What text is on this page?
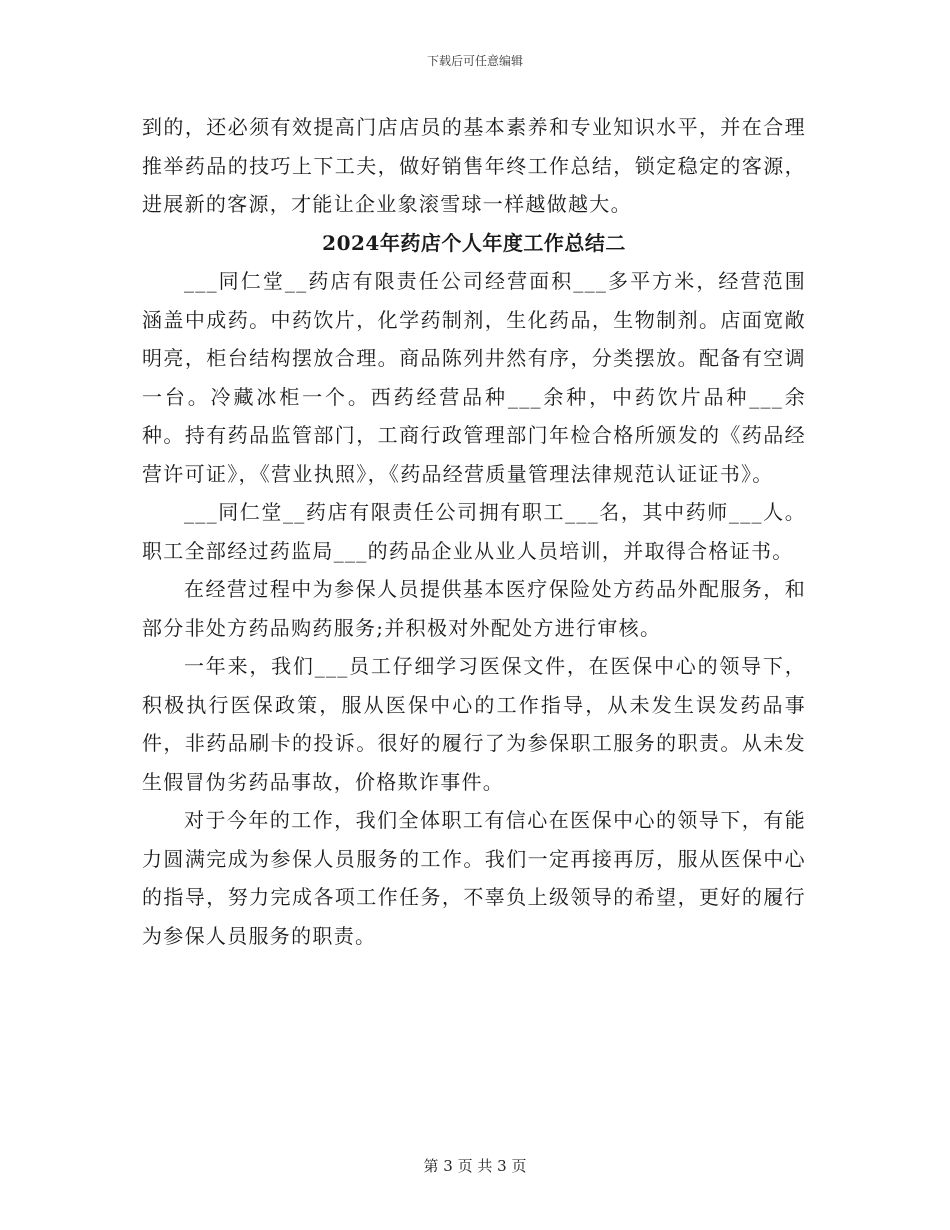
下载后可任意编辑

到的，还必须有效提高门店店员的基本素养和专业知识水平，并在合理推举药品的技巧上下工夫，做好销售年终工作总结，锁定稳定的客源，进展新的客源，才能让企业象滚雪球一样越做越大。

2024年药店个人年度工作总结二

___同仁堂__药店有限责任公司经营面积___多平方米，经营范围涵盖中成药。中药饮片，化学药制剂，生化药品，生物制剂。店面宽敞明亮，柜台结构摆放合理。商品陈列井然有序，分类摆放。配备有空调一台。冷藏冰柜一个。西药经营品种___余种，中药饮片品种___余种。持有药品监管部门，工商行政管理部门年检合格所颁发的《药品经营许可证》，《营业执照》，《药品经营质量管理法律规范认证证书》。

___同仁堂__药店有限责任公司拥有职工___名，其中药师___人。职工全部经过药监局___的药品企业从业人员培训，并取得合格证书。

在经营过程中为参保人员提供基本医疗保险处方药品外配服务，和部分非处方药品购药服务;并积极对外配处方进行审核。

一年来，我们___员工仔细学习医保文件，在医保中心的领导下，积极执行医保政策，服从医保中心的工作指导，从未发生误发药品事件，非药品刷卡的投诉。很好的履行了为参保职工服务的职责。从未发生假冒伪劣药品事故，价格欺诈事件。

对于今年的工作，我们全体职工有信心在医保中心的领导下，有能力圆满完成为参保人员服务的工作。我们一定再接再厉，服从医保中心的指导，努力完成各项工作任务，不辜负上级领导的希望，更好的履行为参保人员服务的职责。

第 3 页 共 3 页
